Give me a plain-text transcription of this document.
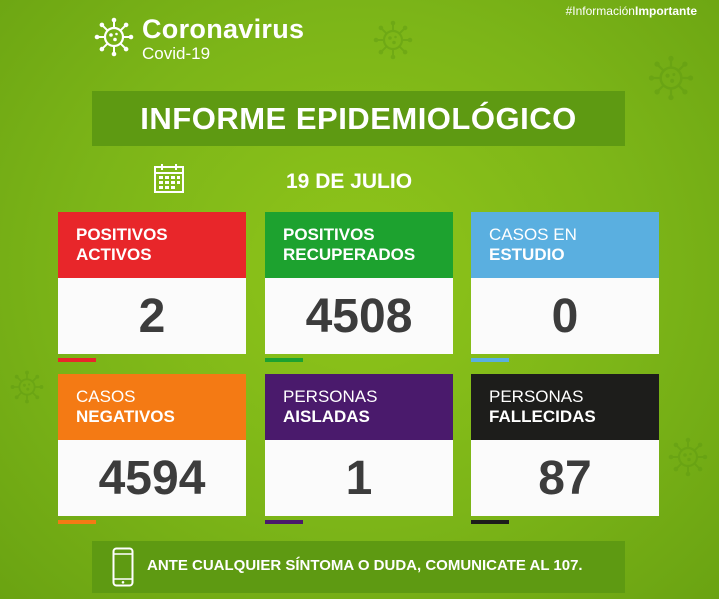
#InformaciónImportante
Coronavirus
Covid-19
INFORME EPIDEMIOLÓGICO
19 DE JULIO
POSITIVOS
ACTIVOS
2
POSITIVOS
RECUPERADOS
4508
CASOS EN
ESTUDIO
0
CASOS
NEGATIVOS
4594
PERSONAS
AISLADAS
1
PERSONAS
FALLECIDAS
87
ANTE CUALQUIER SÍNTOMA O DUDA, COMUNICATE AL 107.
